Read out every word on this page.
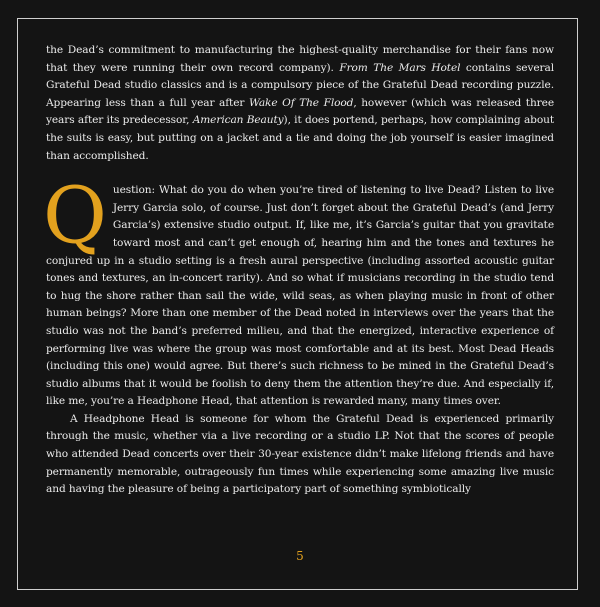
the Dead’s commitment to manufacturing the highest-quality merchandise for their fans now that they were running their own record company). From The Mars Hotel contains several Grateful Dead studio classics and is a compulsory piece of the Grateful Dead recording puzzle. Appearing less than a full year after Wake Of The Flood, however (which was released three years after its predecessor, American Beauty), it does portend, perhaps, how complaining about the suits is easy, but putting on a jacket and a tie and doing the job yourself is easier imagined than accomplished.

Question: What do you do when you’re tired of listening to live Dead? Listen to live Jerry Garcia solo, of course. Just don’t forget about the Grateful Dead’s (and Jerry Garcia’s) extensive studio output. If, like me, it’s Garcia’s guitar that you gravitate toward most and can’t get enough of, hearing him and the tones and textures he conjured up in a studio setting is a fresh aural perspective (including assorted acoustic guitar tones and textures, an in-concert rarity). And so what if musicians recording in the studio tend to hug the shore rather than sail the wide, wild seas, as when playing music in front of other human beings? More than one member of the Dead noted in interviews over the years that the studio was not the band’s preferred milieu, and that the energized, interactive experience of performing live was where the group was most comfortable and at its best. Most Dead Heads (including this one) would agree. But there’s such richness to be mined in the Grateful Dead’s studio albums that it would be foolish to deny them the attention they’re due. And especially if, like me, you’re a Headphone Head, that attention is rewarded many, many times over.

A Headphone Head is someone for whom the Grateful Dead is experienced primarily through the music, whether via a live recording or a studio LP. Not that the scores of people who attended Dead concerts over their 30-year existence didn’t make lifelong friends and have permanently memorable, outrageously fun times while experiencing some amazing live music and having the pleasure of being a participatory part of something symbiotically

5
